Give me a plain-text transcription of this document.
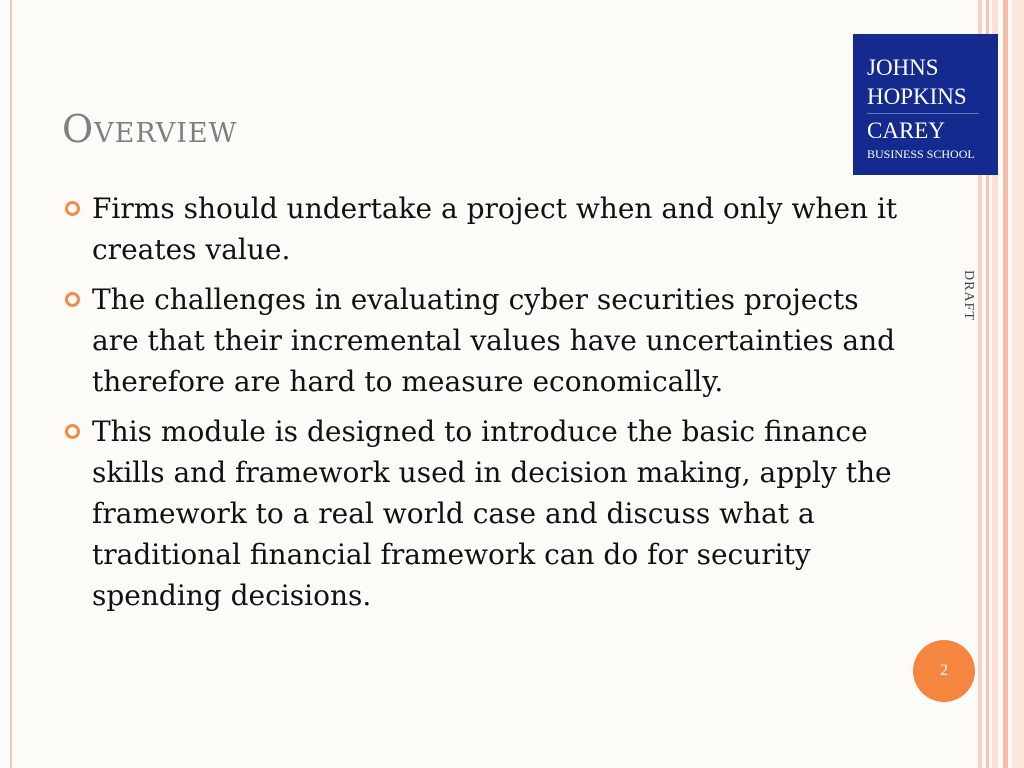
Overview
JOHNS
HOPKINS
CAREY
BUSINESS SCHOOL
Firms should undertake a project when and only when it creates value.
The challenges in evaluating cyber securities projects are that their incremental values have uncertainties and therefore are hard to measure economically.
This module is designed to introduce the basic finance skills and framework used in decision making, apply the framework to a real world case and discuss what a traditional financial framework can do for security spending decisions.
DRAFT
2
